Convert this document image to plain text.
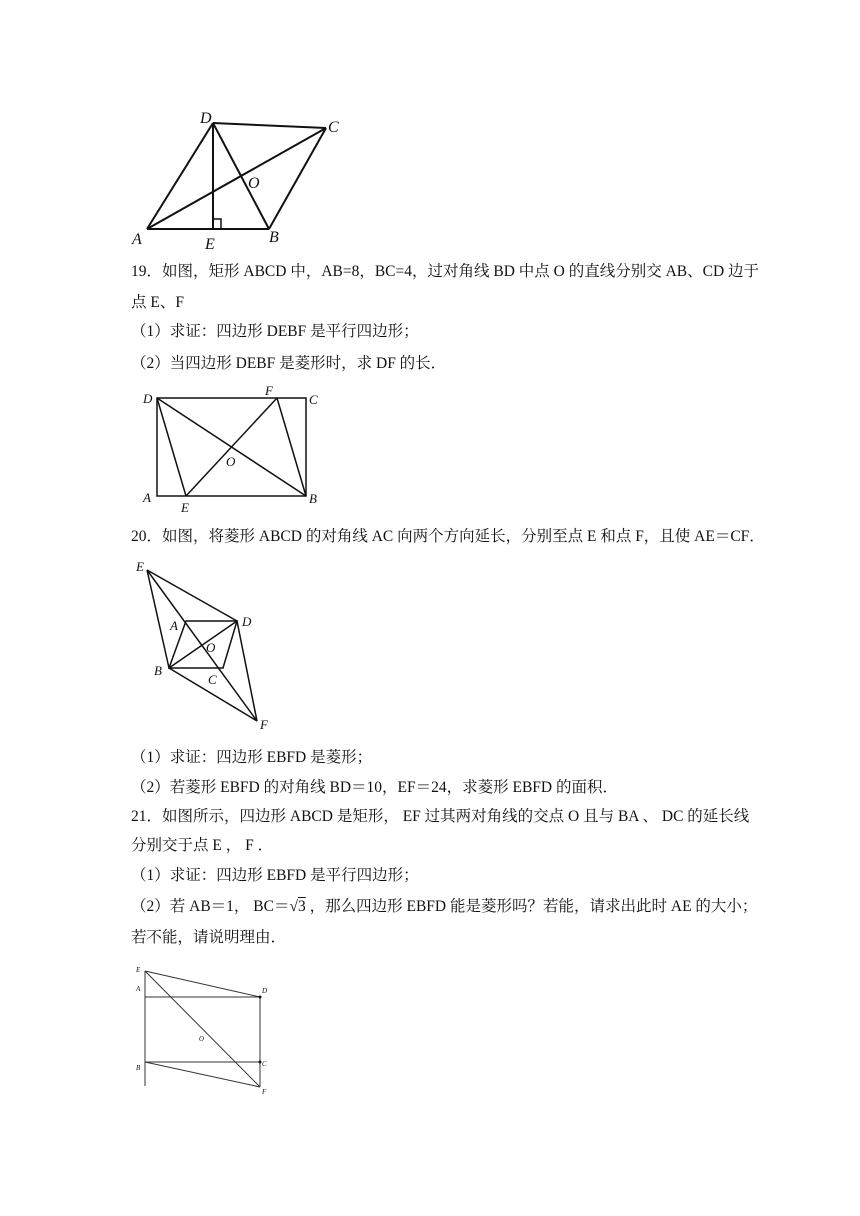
D
C
O
A	E	B
19．如图，矩形 ABCD 中，AB=8，BC=4，过对角线 BD 中点 O 的直线分别交 AB、CD 边于
点 E、F
（1）求证：四边形 DEBF 是平行四边形；
（2）当四边形 DEBF 是菱形时，求 DF 的长．
D
F
C
O
A
E
B
20．如图，将菱形 ABCD 的对角线 AC 向两个方向延长，分别至点 E 和点 F，且使 AE＝CF．
E
A	D
O
B
C
F
（1）求证：四边形 EBFD 是菱形；
（2）若菱形 EBFD 的对角线 BD＝10，EF＝24，求菱形 EBFD 的面积．
21．如图所示，四边形 ABCD 是矩形， EF 过其两对角线的交点 O 且与 BA 、 DC 的延长线
分别交于点 E ， F ．
（1）求证：四边形 EBFD 是平行四边形；
（2）若 AB＝1， BC＝√3 ，那么四边形 EBFD 能是菱形吗？若能，请求出此时 AE 的大小；
若不能，请说明理由．
E
A	D
O
B	C
F
